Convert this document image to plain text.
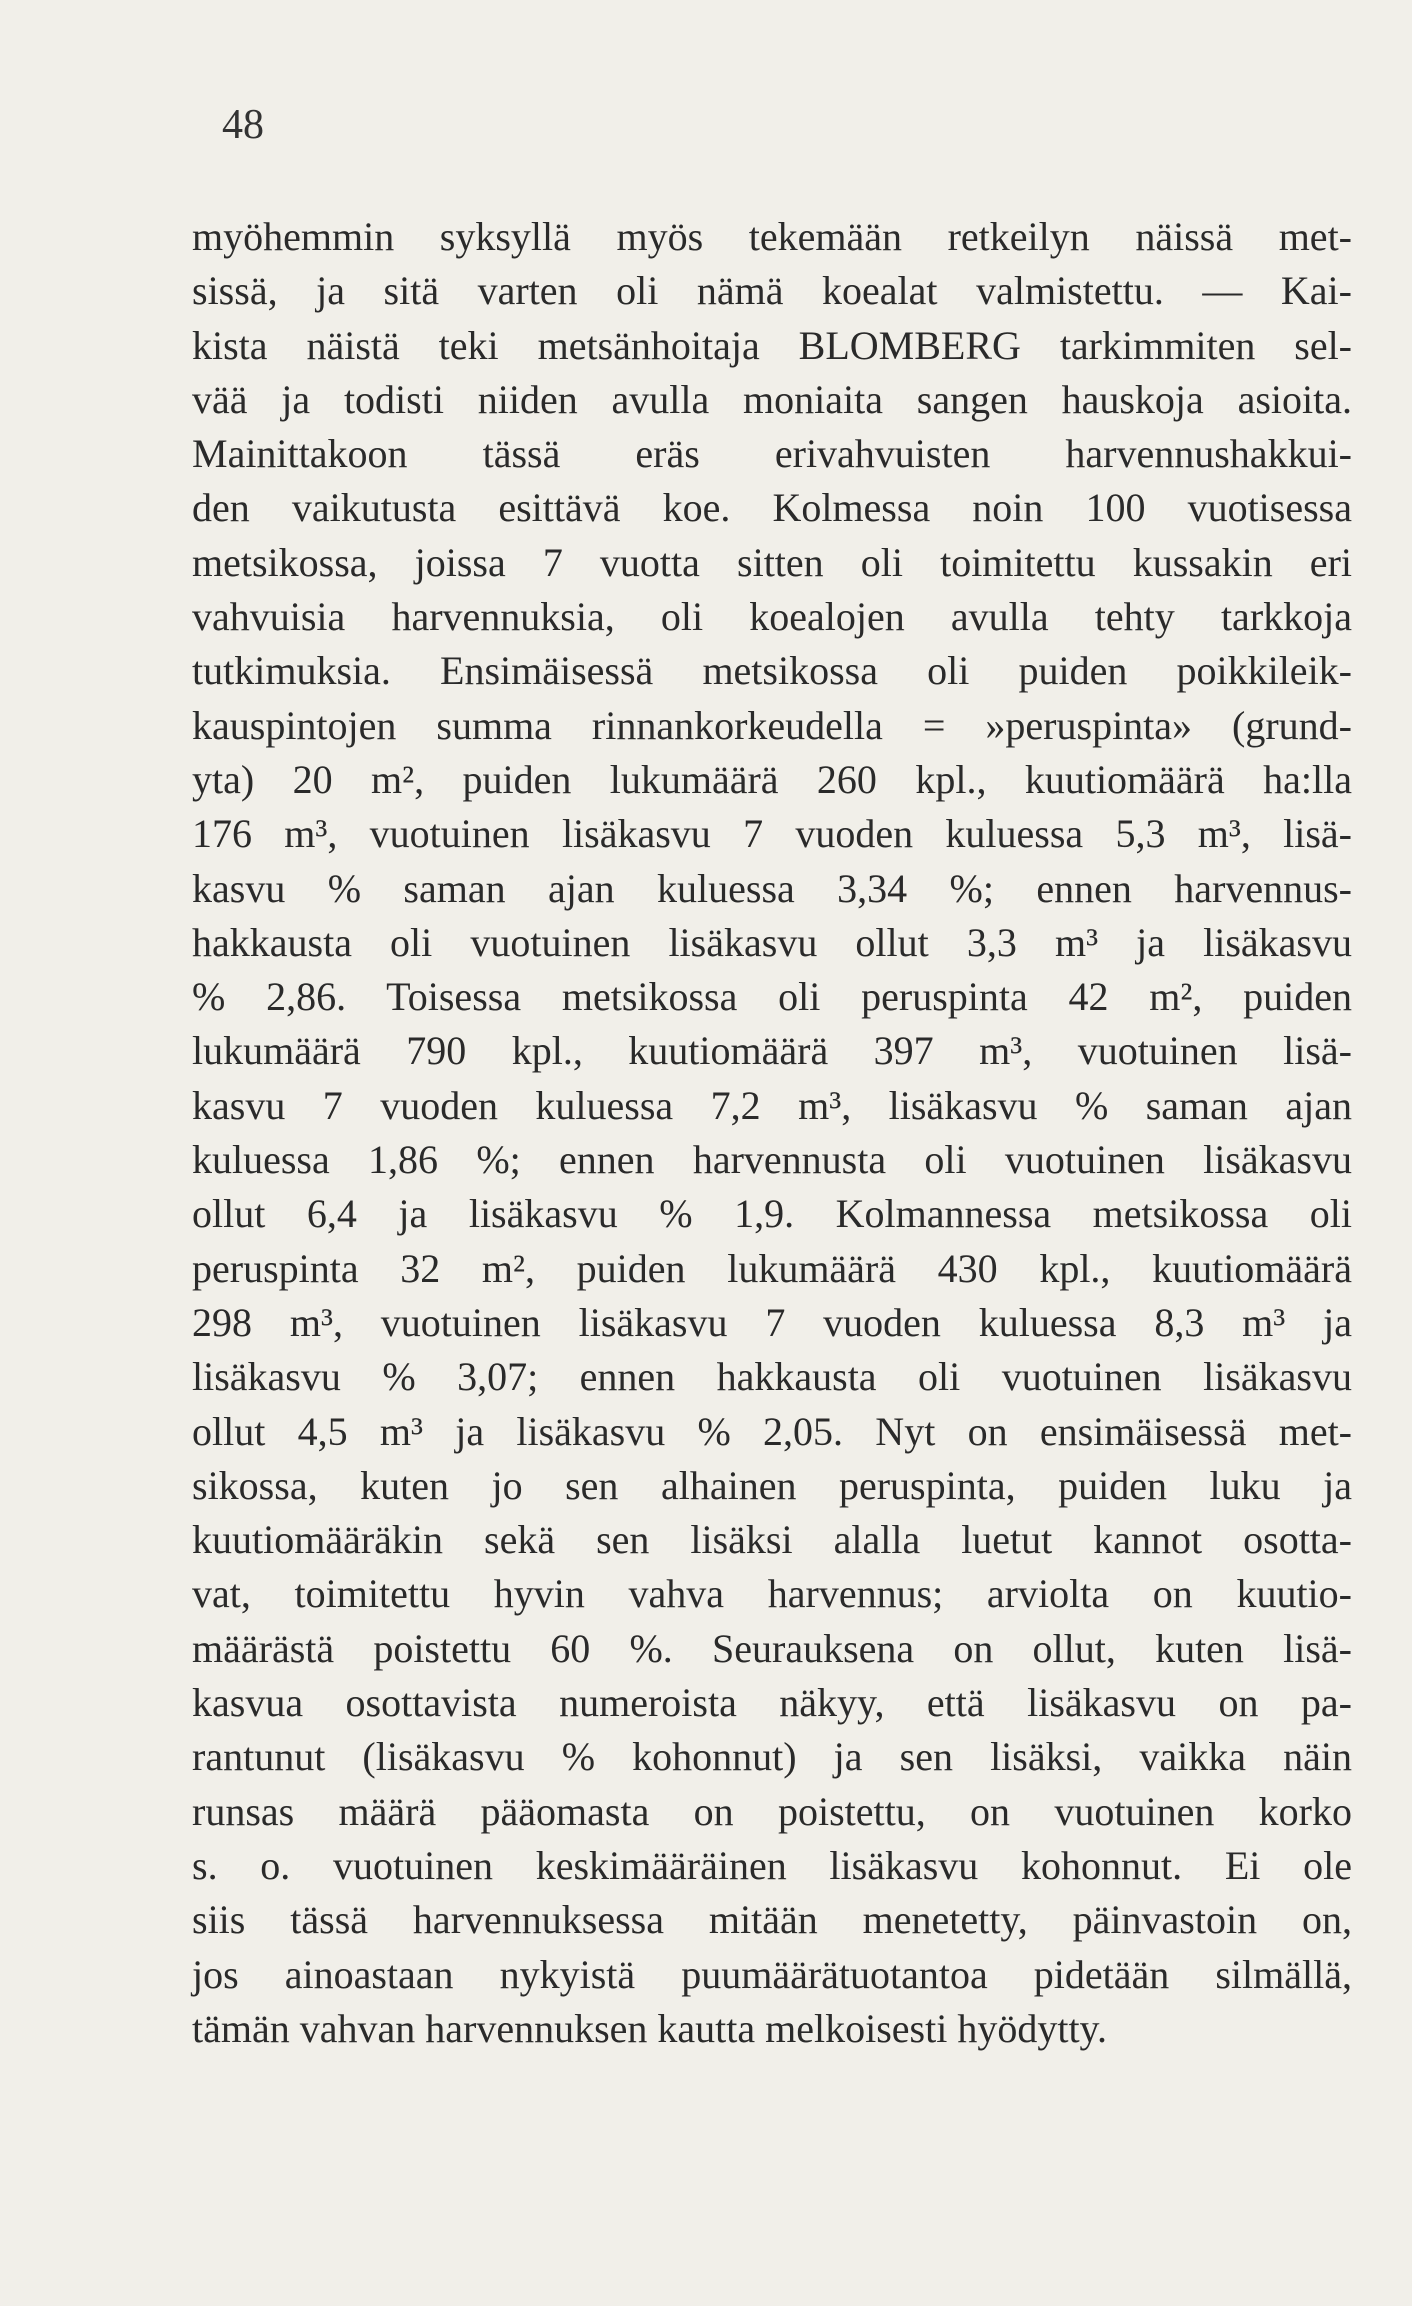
48
myöhemmin syksyllä myös tekemään retkeilyn näissä met-
sissä, ja sitä varten oli nämä koealat valmistettu. — Kai-
kista näistä teki metsänhoitaja BLOMBERG tarkimmiten sel-
vää ja todisti niiden avulla moniaita sangen hauskoja asioita.
Mainittakoon tässä eräs erivahvuisten harvennushakkui-
den vaikutusta esittävä koe. Kolmessa noin 100 vuotisessa
metsikossa, joissa 7 vuotta sitten oli toimitettu kussakin eri
vahvuisia harvennuksia, oli koealojen avulla tehty tarkkoja
tutkimuksia. Ensimäisessä metsikossa oli puiden poikkileik-
kauspintojen summa rinnankorkeudella = »peruspinta» (grund-
yta) 20 m², puiden lukumäärä 260 kpl., kuutiomäärä ha:lla
176 m³, vuotuinen lisäkasvu 7 vuoden kuluessa 5,3 m³, lisä-
kasvu % saman ajan kuluessa 3,34 %; ennen harvennus-
hakkausta oli vuotuinen lisäkasvu ollut 3,3 m³ ja lisäkasvu
% 2,86. Toisessa metsikossa oli peruspinta 42 m², puiden
lukumäärä 790 kpl., kuutiomäärä 397 m³, vuotuinen lisä-
kasvu 7 vuoden kuluessa 7,2 m³, lisäkasvu % saman ajan
kuluessa 1,86 %; ennen harvennusta oli vuotuinen lisäkasvu
ollut 6,4 ja lisäkasvu % 1,9. Kolmannessa metsikossa oli
peruspinta 32 m², puiden lukumäärä 430 kpl., kuutiomäärä
298 m³, vuotuinen lisäkasvu 7 vuoden kuluessa 8,3 m³ ja
lisäkasvu % 3,07; ennen hakkausta oli vuotuinen lisäkasvu
ollut 4,5 m³ ja lisäkasvu % 2,05. Nyt on ensimäisessä met-
sikossa, kuten jo sen alhainen peruspinta, puiden luku ja
kuutiomääräkin sekä sen lisäksi alalla luetut kannot osotta-
vat, toimitettu hyvin vahva harvennus; arviolta on kuutio-
määrästä poistettu 60 %. Seurauksena on ollut, kuten lisä-
kasvua osottavista numeroista näkyy, että lisäkasvu on pa-
rantunut (lisäkasvu % kohonnut) ja sen lisäksi, vaikka näin
runsas määrä pääomasta on poistettu, on vuotuinen korko
s. o. vuotuinen keskimääräinen lisäkasvu kohonnut. Ei ole
siis tässä harvennuksessa mitään menetetty, päinvastoin on,
jos ainoastaan nykyistä puumäärätuotantoa pidetään silmällä,
tämän vahvan harvennuksen kautta melkoisesti hyödytty.
